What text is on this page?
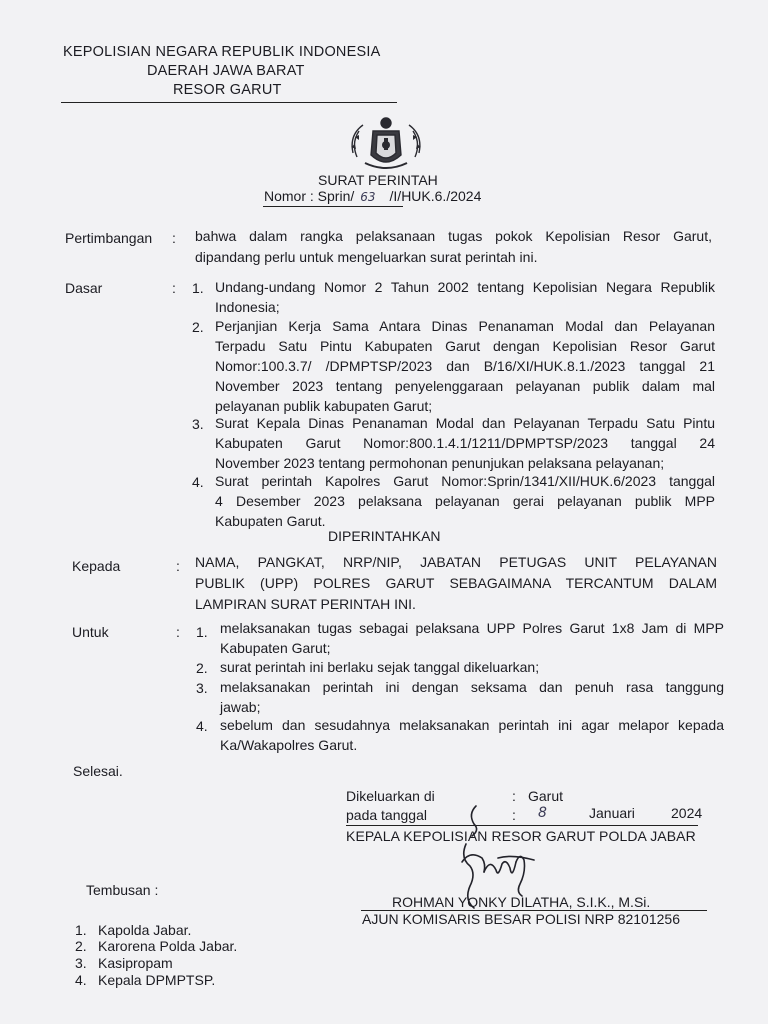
KEPOLISIAN NEGARA REPUBLIK INDONESIA
DAERAH JAWA BARAT
RESOR GARUT
SURAT PERINTAH
Nomor : Sprin/ 63 /I/HUK.6./2024
Pertimbangan : bahwa dalam rangka pelaksanaan tugas pokok Kepolisian Resor Garut,
dipandang perlu untuk mengeluarkan surat perintah ini.
Dasar	: 1. Undang-undang Nomor 2 Tahun 2002 tentang Kepolisian Negara Republik
Indonesia;
2. Perjanjian Kerja Sama Antara Dinas Penanaman Modal dan Pelayanan
Terpadu Satu Pintu Kabupaten Garut dengan Kepolisian Resor Garut
Nomor:100.3.7/ /DPMPTSP/2023 dan B/16/XI/HUK.8.1./2023 tanggal 21
November 2023 tentang penyelenggaraan pelayanan publik dalam mal
pelayanan publik kabupaten Garut;
3. Surat Kepala Dinas Penanaman Modal dan Pelayanan Terpadu Satu Pintu
Kabupaten Garut Nomor:800.1.4.1/1211/DPMPTSP/2023 tanggal 24
November 2023 tentang permohonan penunjukan pelaksana pelayanan;
4. Surat perintah Kapolres Garut Nomor:Sprin/1341/XII/HUK.6/2023 tanggal
4 Desember 2023 pelaksana pelayanan gerai pelayanan publik MPP
Kabupaten Garut.
DIPERINTAHKAN
Kepada	: NAMA, PANGKAT, NRP/NIP, JABATAN PETUGAS UNIT PELAYANAN
PUBLIK (UPP) POLRES GARUT SEBAGAIMANA TERCANTUM DALAM
LAMPIRAN SURAT PERINTAH INI.
Untuk	: 1. melaksanakan tugas sebagai pelaksana UPP Polres Garut 1x8 Jam di MPP
Kabupaten Garut;
2. surat perintah ini berlaku sejak tanggal dikeluarkan;
3. melaksanakan perintah ini dengan seksama dan penuh rasa tanggung
jawab;
4. sebelum dan sesudahnya melaksanakan perintah ini agar melapor kepada
Ka/Wakapolres Garut.
Selesai.
Dikeluarkan di	: Garut
pada tanggal	: 8	Januari	2024
KEPALA KEPOLISIAN RESOR GARUT POLDA JABAR
ROHMAN YONKY DILATHA, S.I.K., M.Si.
AJUN KOMISARIS BESAR POLISI NRP 82101256
Tembusan :
1. Kapolda Jabar.
2. Karorena Polda Jabar.
3. Kasipropam
4. Kepala DPMPTSP.
